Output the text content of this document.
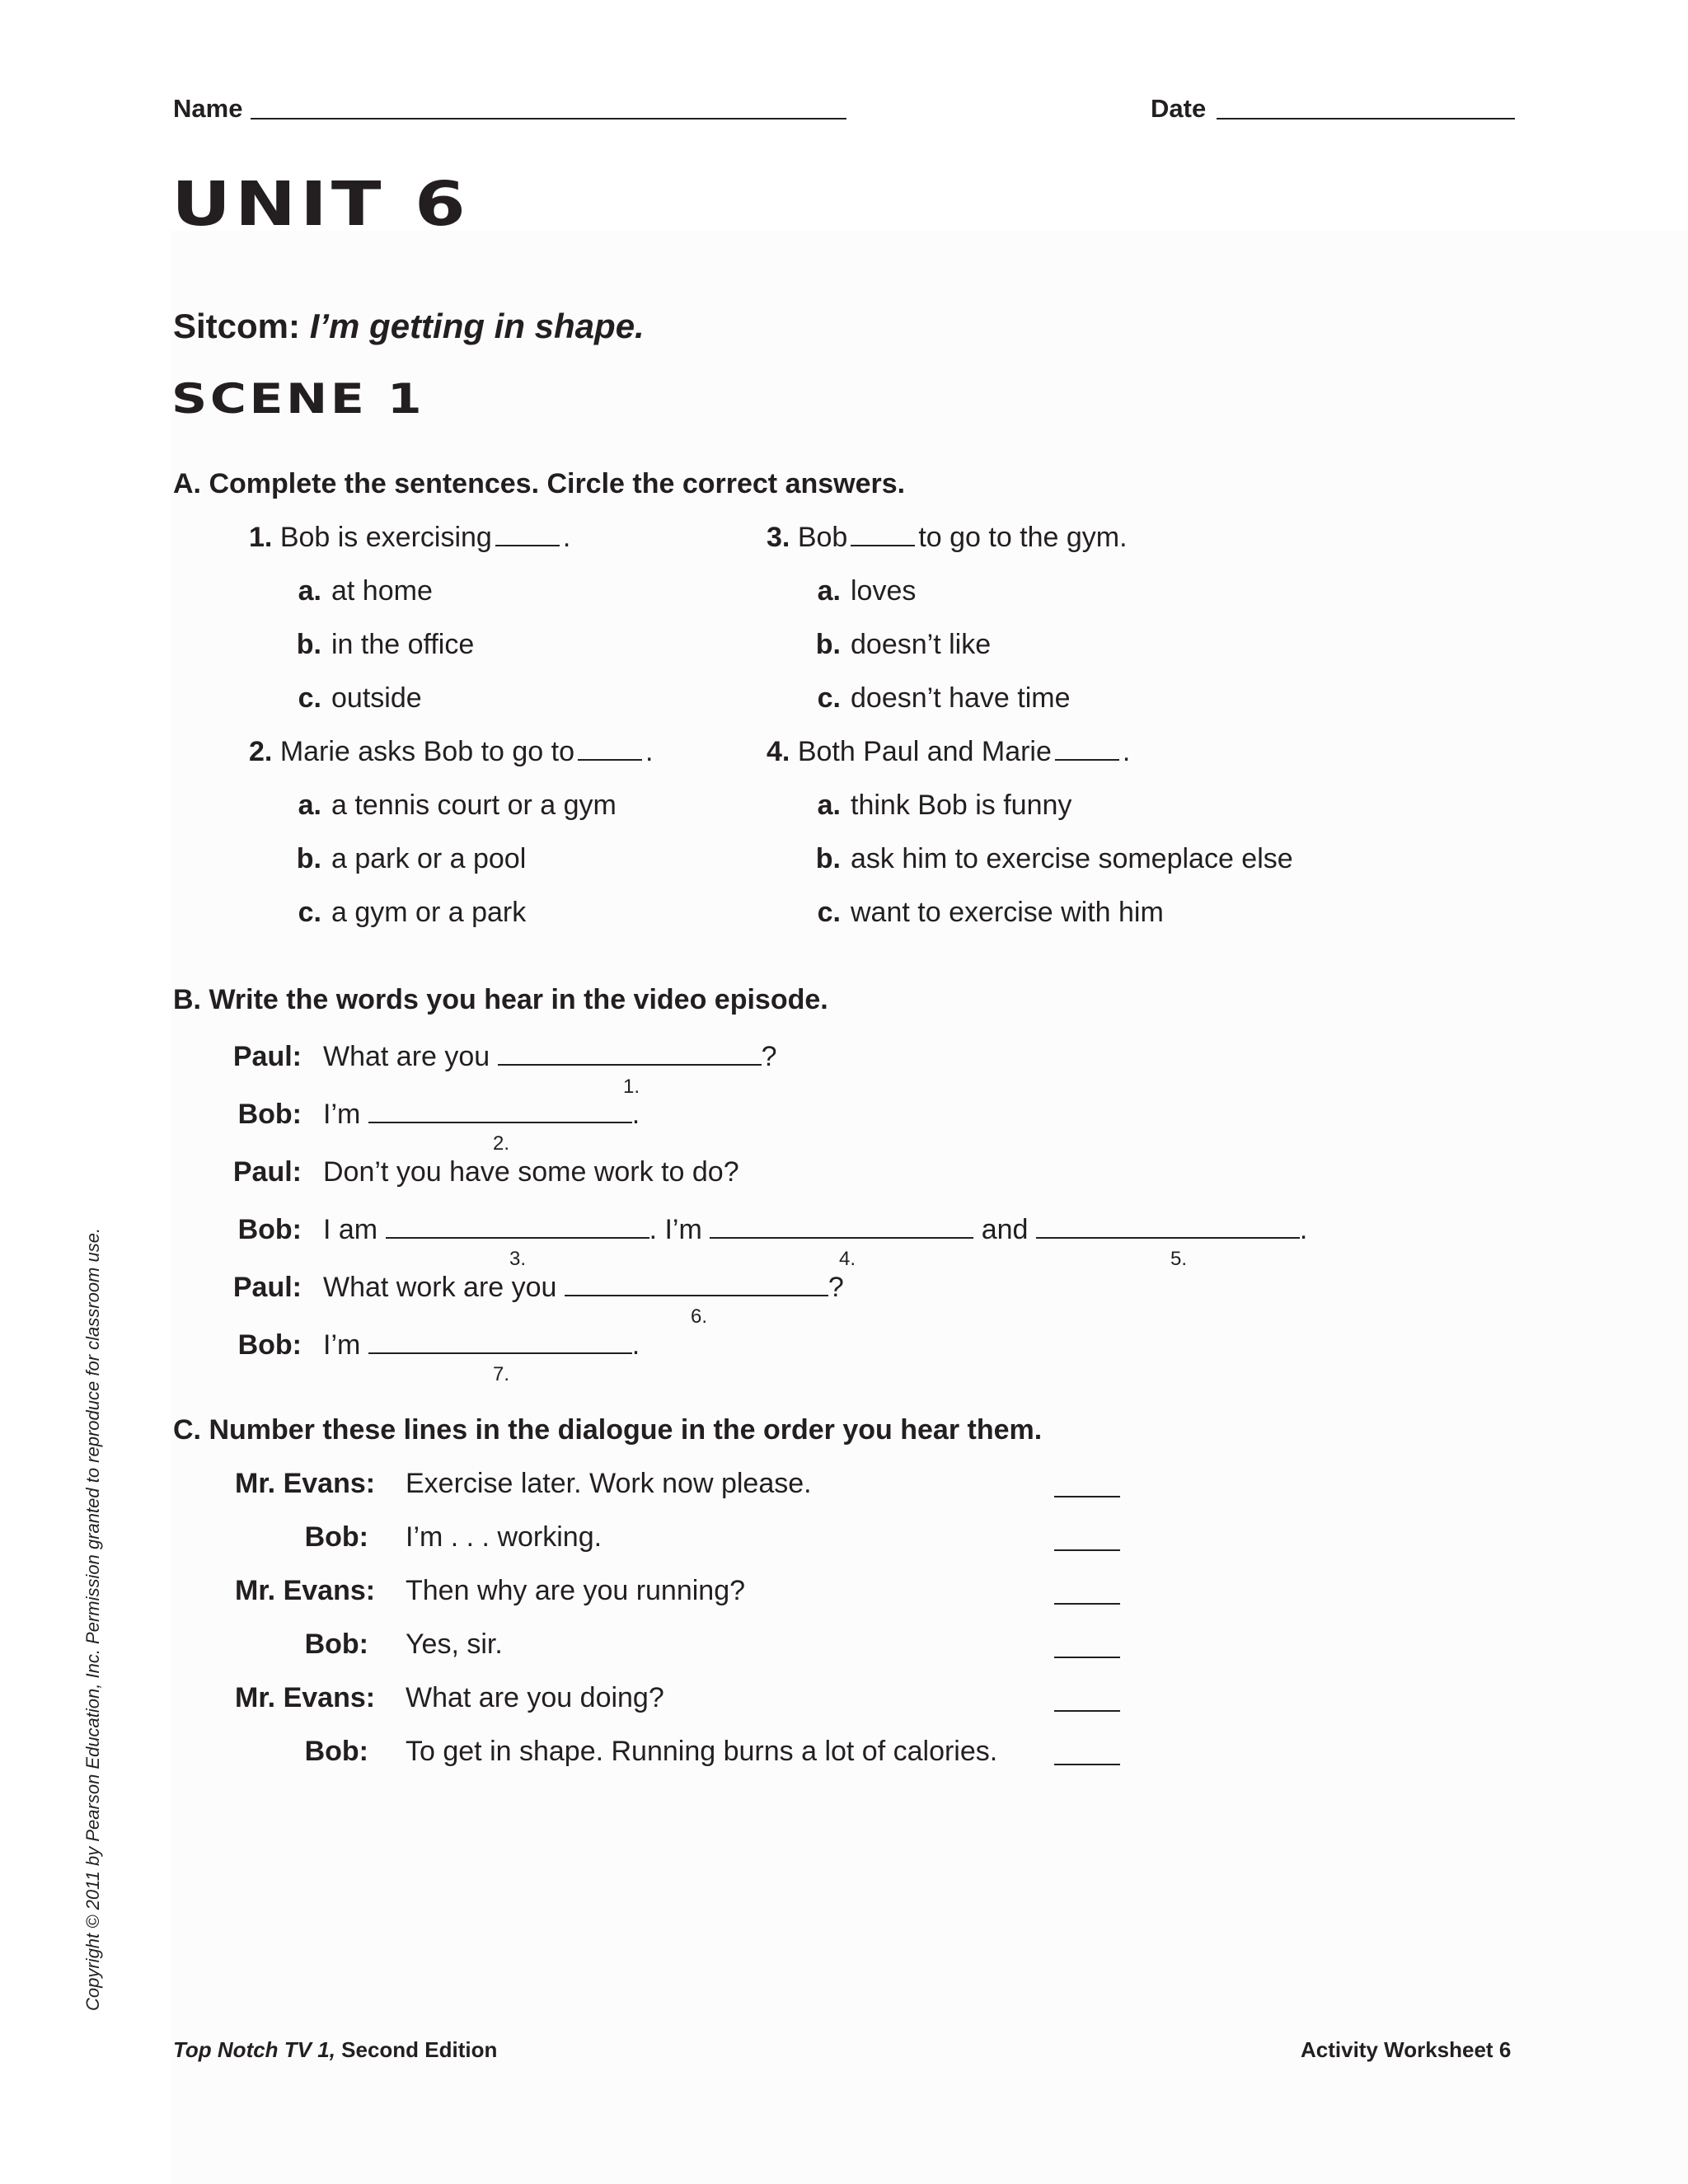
Name	Date
UNIT 6
Sitcom: I’m getting in shape.
SCENE 1
A. Complete the sentences. Circle the correct answers.
1. Bob is exercising	.
a. at home
b. in the office
c. outside
2. Marie asks Bob to go to	.
a. a tennis court or a gym
b. a park or a pool
c. a gym or a park
3. Bob	to go to the gym.
a. loves
b. doesn’t like
c. doesn’t have time
4. Both Paul and Marie	.
a. think Bob is funny
b. ask him to exercise someplace else
c. want to exercise with him
B. Write the words you hear in the video episode.
Paul: What are you	?
1.
Bob: I’m	.
2.
Paul: Don’t you have some work to do?
Bob: I am	. I’m	and	.
3.	4.	5.
Paul: What work are you	?
6.
Bob: I’m	.
7.
C. Number these lines in the dialogue in the order you hear them.
Mr. Evans: Exercise later. Work now please.
Bob: I’m . . . working.
Mr. Evans: Then why are you running?
Bob: Yes, sir.
Mr. Evans: What are you doing?
Bob: To get in shape. Running burns a lot of calories.
Copyright © 2011 by Pearson Education, Inc. Permission granted to reproduce for classroom use.
Top Notch TV 1, Second Edition	Activity Worksheet 6
